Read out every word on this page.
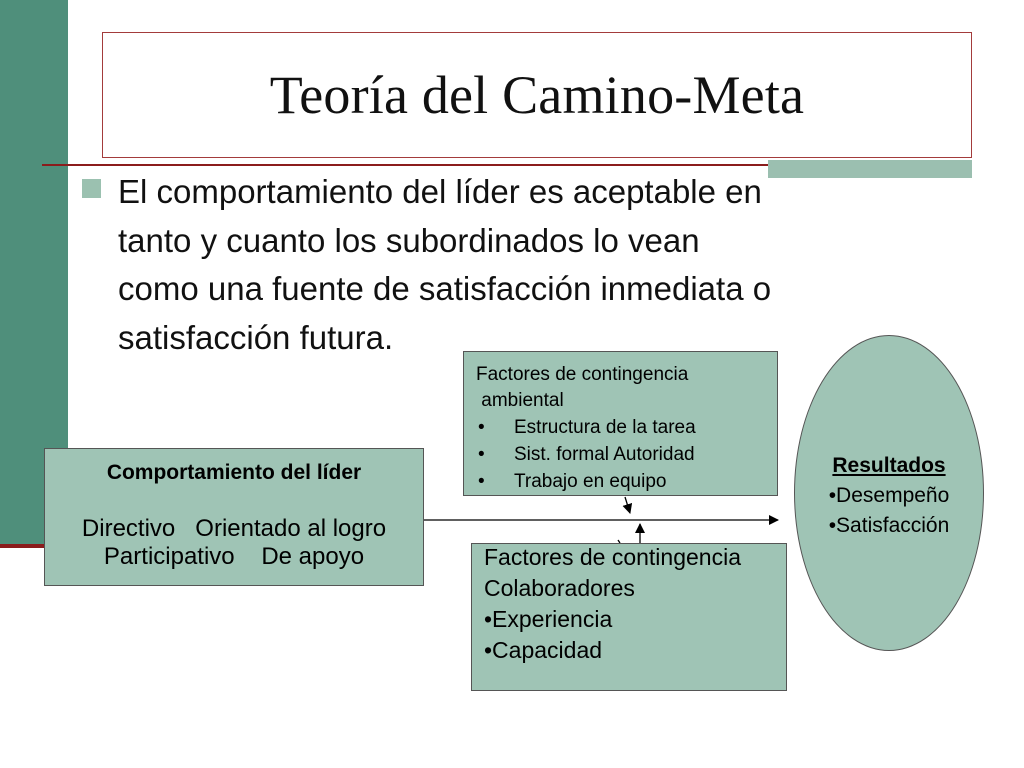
Teoría del Camino-Meta
El comportamiento del líder es aceptable en
tanto y cuanto los subordinados lo vean
como una fuente de satisfacción inmediata o
satisfacción futura.
Comportamiento del líder
Directivo   Orientado al logro
Participativo    De apoyo
Factores de contingencia
ambiental
• Estructura de la tarea
• Sist. formal Autoridad
• Trabajo en equipo
Factores de contingencia
Colaboradores
•Experiencia
•Capacidad
Resultados
•Desempeño
•Satisfacción
